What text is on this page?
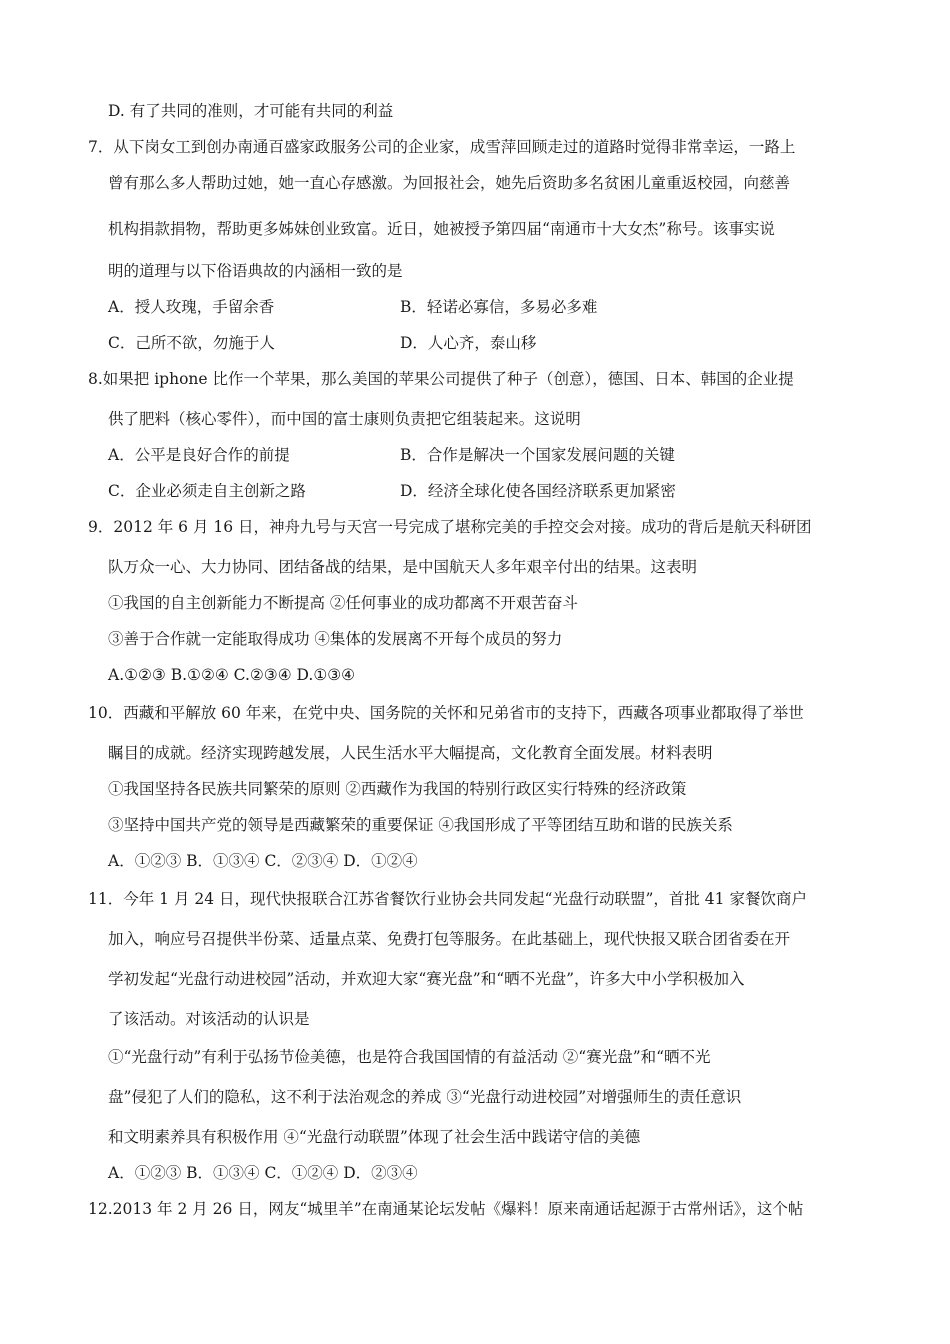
D. 有了共同的准则，才可能有共同的利益
7．从下岗女工到创办南通百盛家政服务公司的企业家，成雪萍回顾走过的道路时觉得非常幸运，一路上
曾有那么多人帮助过她，她一直心存感激。为回报社会，她先后资助多名贫困儿童重返校园，向慈善
机构捐款捐物，帮助更多姊妹创业致富。近日，她被授予第四届“南通市十大女杰”称号。该事实说
明的道理与以下俗语典故的内涵相一致的是
A．授人玫瑰，手留余香	B．轻诺必寡信，多易必多难
C．己所不欲，勿施于人	D．人心齐，泰山移
8.如果把 iphone 比作一个苹果，那么美国的苹果公司提供了种子（创意），德国、日本、韩国的企业提
供了肥料（核心零件），而中国的富士康则负责把它组装起来。这说明
A．公平是良好合作的前提	B．合作是解决一个国家发展问题的关键
C．企业必须走自主创新之路	D．经济全球化使各国经济联系更加紧密
9．2012 年 6 月 16 日，神舟九号与天宫一号完成了堪称完美的手控交会对接。成功的背后是航天科研团
队万众一心、大力协同、团结备战的结果，是中国航天人多年艰辛付出的结果。这表明
①我国的自主创新能力不断提高 ②任何事业的成功都离不开艰苦奋斗
③善于合作就一定能取得成功 ④集体的发展离不开每个成员的努力
A.①②③ B.①②④ C.②③④ D.①③④
10．西藏和平解放 60 年来，在党中央、国务院的关怀和兄弟省市的支持下，西藏各项事业都取得了举世
瞩目的成就。经济实现跨越发展，人民生活水平大幅提高，文化教育全面发展。材料表明
①我国坚持各民族共同繁荣的原则 ②西藏作为我国的特别行政区实行特殊的经济政策
③坚持中国共产党的领导是西藏繁荣的重要保证 ④我国形成了平等团结互助和谐的民族关系
A．①②③ B．①③④ C．②③④ D．①②④
11．今年 1 月 24 日，现代快报联合江苏省餐饮行业协会共同发起“光盘行动联盟”，首批 41 家餐饮商户
加入，响应号召提供半份菜、适量点菜、免费打包等服务。在此基础上，现代快报又联合团省委在开
学初发起“光盘行动进校园”活动，并欢迎大家“赛光盘”和“晒不光盘”，许多大中小学积极加入
了该活动。对该活动的认识是
①“光盘行动”有利于弘扬节俭美德，也是符合我国国情的有益活动 ②“赛光盘”和“晒不光
盘”侵犯了人们的隐私，这不利于法治观念的养成 ③“光盘行动进校园”对增强师生的责任意识
和文明素养具有积极作用 ④“光盘行动联盟”体现了社会生活中践诺守信的美德
A．①②③ B．①③④ C．①②④ D．②③④
12.2013 年 2 月 26 日，网友“城里羊”在南通某论坛发帖《爆料！原来南通话起源于古常州话》，这个帖
